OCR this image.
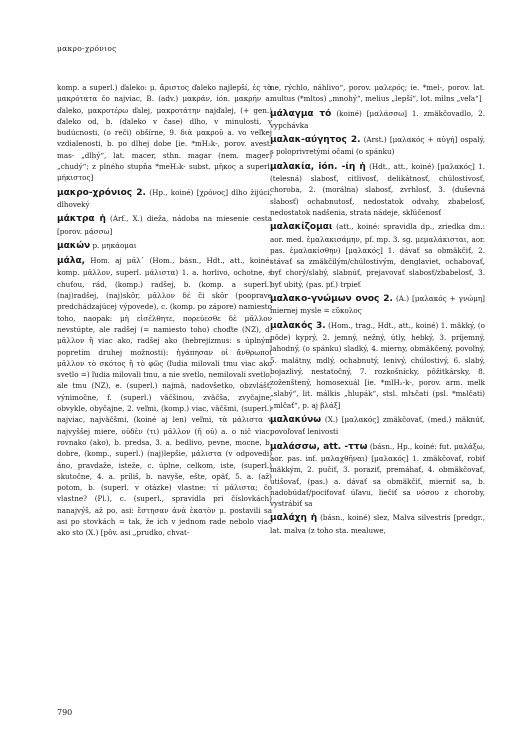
μακρο-χρόνιος

komp. a superl.) ďaleko: μ. ἄριστος ďaleko najlepší, ἐς τὰ μακρότατα čo najviac, B. (adv.) μακράν, ión. μακρήν a. ďaleko, μακροτέρω ďalej, μακροτάτην najďalej, (+ gen.) ďaleko od, b. (ďaleko v čase) dlho, v minulosti, v budúcnosti, (o reči) obšírne, 9. διὰ μακροῦ a. vo veľkej vzdialenosti, b. po dlhej dobe [ie. *mH₂k-, porov. avest. mas- „dlhý“, lat. macer, sthn. magar (nem. mager) „chudý“; z plného stupňa *meH₂k- subst. μῆκος a superl. μήκιστος]

μακρο-χρόνιος 2. (Hp., koiné) [χρόνος] dlho žijúci, dlhoveký

μάκτρα ἡ (Arf., X.) dieža, nádoba na miesenie cesta [porov. μάσσω]

μακών p. μηκάομαι

μάλα, Hom. aj μάλ᾽ (Hom., básn., Hdt., att., koiné: komp. μᾶλλον, superl. μάλιστα) 1. a. horlivo, ochotne, s chuťou, rád, (komp.) radšej, b. (komp. a superl.) (naj)radšej, (naj)skôr, μᾶλλον δέ či skôr (pooprave predchádzajúcej výpovede), c. (komp. po zápore) namiesto toho, naopak: μὴ εἰσέλθητε, πορεύεσθε δὲ μᾶλλον nevstúpte, ale radšej (= namiesto toho) choďte (NZ), d. μᾶλλον ἤ viac ako, radšej ako (hebrejizmus: s úplným popretím druhej možnosti): ἠγάπησαν οἱ ἄνθρωποι μᾶλλον τὸ σκότος ἢ τὸ φῶς (ľudia milovali tmu viac ako svetlo =) ľudia milovali tmu, a nie svetlo, nemilovali svetlo, ale tmu (NZ), e. (superl.) najmä, nadovšetko, obzvlášť, výnimočne, f. (superl.) väčšinou, zväčša, zvyčajne, obvykle, obyčajne, 2. veľmi, (komp.) viac, väčšmi, (superl.) najviac, najväčšmi, (koiné aj len) veľmi, τὰ μάλιστα v najvyššej miere, οὐδὲν (τι) μᾶλλον (ἤ οὐ) a. o nič viac, rovnako (ako), b. predsa, 3. a. bedlivo, pevne, mocne, b. dobre, (komp., superl.) (naj)lepšie, μάλιστα (v odpovedi) áno, pravdaže, isteže, c. úplne, celkom, iste, (superl.) skutočne, 4. a. príliš, b. navyše, ešte, opäť, 5. a. (až) potom, b. (superl. v otázke) vlastne: τί μάλιστα; čo vlastne? (Pl.), c. (superl., spravidla pri číslovkách) nanajvýš, až po, asi: ἔστησαν ἀνὰ ἑκατὸν μ. postavili sa asi po stovkách = tak, že ich v jednom rade nebolo viac ako sto (X.) [pôv. asi „prudko, chvat-

ne, rýchlo, náhlivo“, porov. μαλερός; ie. *mel-, porov. lat. multus (*mltos) „mnohý“, melius „lepší“, lot. mìlns „veľa“]

μάλαγμα τό (koiné) [μαλάσσω] 1. zmäkčovadlo, 2. vypchávka

μαλακ-αύγητος 2. (Arst.) [μαλακός + αὐγή] ospalý, s poloprivretými očami (o spánku)

μαλακία, ión. -ίη ἡ (Hdt., att., koiné) [μαλακός] 1. (telesná) slabosť, citlivosť, delikátnosť, chúlostivosť, choroba, 2. (morálna) slabosť, zvrhlosť, 3. (duševná slabosť) ochabnutosť, nedostatok odvahy, zbabelosť, nedostatok nadšenia, strata nádeje, skľúčenosť

μαλακίζομαι (att., koiné: spravidla dp., zriedka dm.: aor. med. ἐμαλακισάμην, pf. mp. 3. sg. μεμαλάκισται, aor. pas. ἐμαλακίσθην) [μαλακός] 1. dávať sa obmäkčiť, 2. stávať sa zmäkčilým/chúlostivým, denglaviet, ochabovať, byť chorý/slabý, slabnúť, prejavovať slabosť/zbabelosť, 3. byť ubitý, (pas. pf.) trpieť

μαλακο-γνώμων ονος 2. (A.) [μαλακός + γνώμη] miernej mysle = εὔκολος

μαλακός 3. (Hom., trag., Hdt., att., koiné) 1. mäkký, (o pôde) kyprý, 2. jemný, nežný, útly, hebký, 3. príjemný, lahodný, (o spánku) sladký, 4. mierny, obmäkčený, povoľný, 5. malátny, mdlý, ochabnutý, lenivý, chúlostivý, 6. slabý, bojazlivý, nestatočný, 7. rozkošnícky, pôžitkársky, 8. zoženštený, homosexuál [ie. *mlH₂-k-, porov. arm. melk „slabý“, lit. málkis „hlupák“, stsl. mlъčati (psl. *mьlčati) „mlčať“, p. aj βλάξ]

μαλακύνω (X.) [μαλακός] zmäkčovať, (med.) mäknúť, povoľovať lenivosti

μαλάσσω, att. -ττω (básn., Hp., koiné: fut. μαλάξω, aor. pas. inf. μαλαχθῆναι) [μαλακός] 1. zmäkčovať, robiť mäkkým, 2. pučiť, 3. poraziť, premáhať, 4. obmäkčovať, utišovať, (pas.) a. dávať sa obmäkčiť, mierniť sa, b. nadobúdať/pociťovať úľavu, liečiť sa νόσου z choroby, vystrábiť sa

μαλάχη ἡ (básn., koiné) slez, Malva silvestris [predgr., lat. malva (z toho sta. mealuwe,

790
